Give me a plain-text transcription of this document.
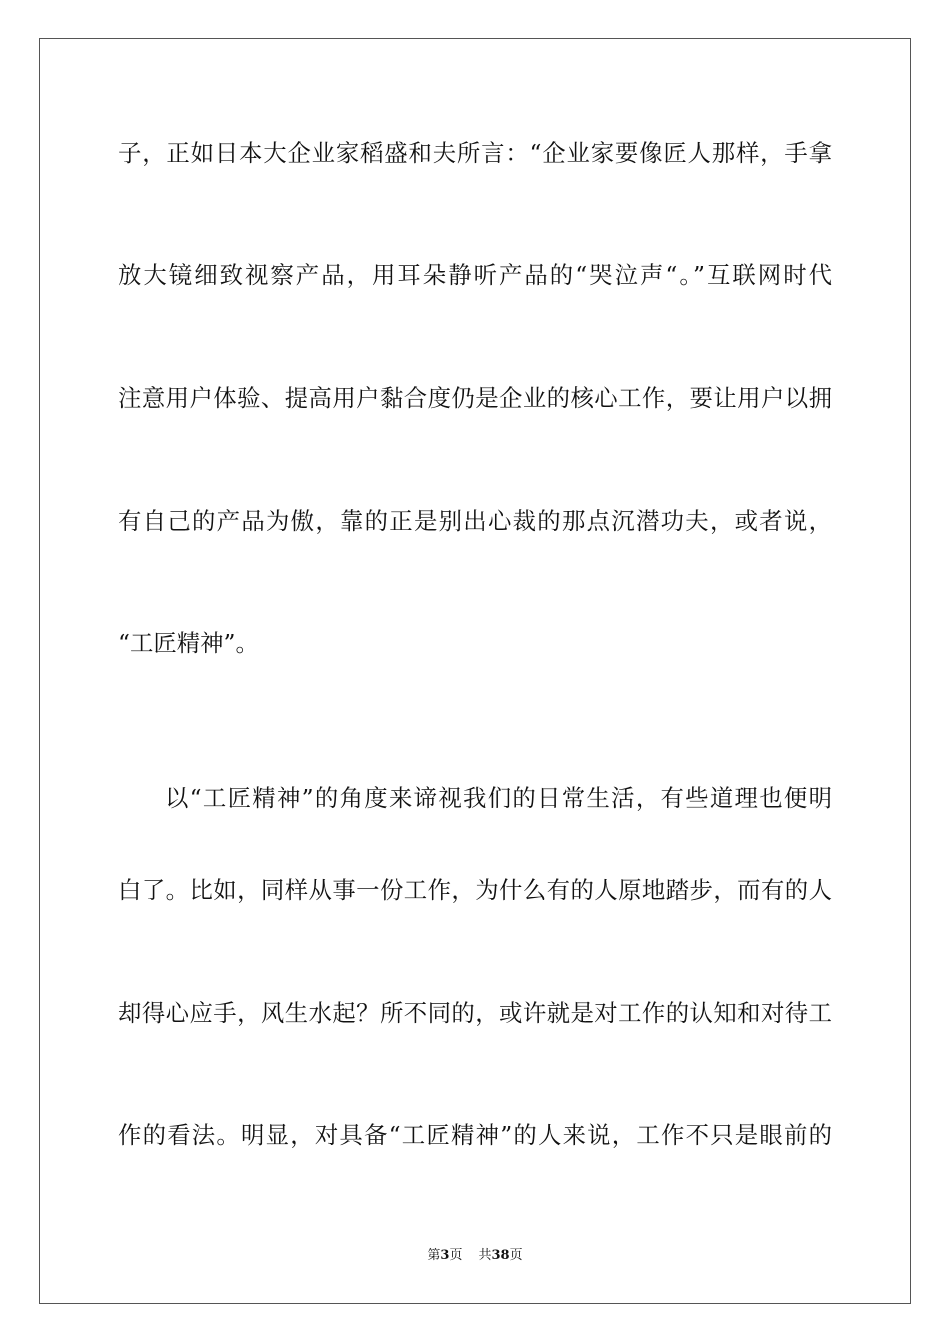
子，正如日本大企业家稻盛和夫所言：“企业家要像匠人那样，手拿
放大镜细致视察产品，用耳朵静听产品的“哭泣声“。”互联网时代
注意用户体验、提高用户黏合度仍是企业的核心工作，要让用户以拥
有自己的产品为傲，靠的正是别出心裁的那点沉潜功夫，或者说，
“工匠精神”。
以“工匠精神”的角度来谛视我们的日常生活，有些道理也便明
白了。比如，同样从事一份工作，为什么有的人原地踏步，而有的人
却得心应手，风生水起？所不同的，或许就是对工作的认知和对待工
作的看法。明显，对具备“工匠精神”的人来说，工作不只是眼前的
第3页 共38页
